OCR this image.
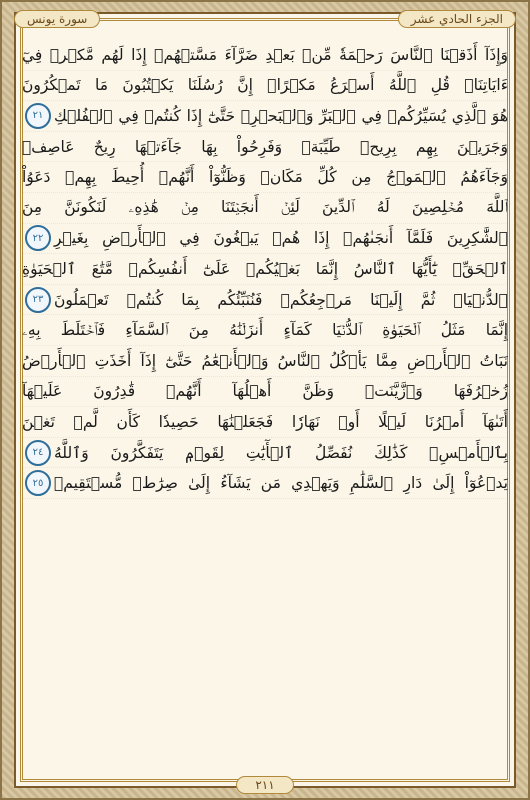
سورة يونس	الجزء الحادي عشر
وَإِذَآ أَذَقۡنَا ٱلنَّاسَ رَحۡمَةٗ مِّنۢ بَعۡدِ ضَرَّآءَ مَسَّتۡهُمۡ إِذَا لَهُم مَّكۡرٞ فِيٓ
ءَايَاتِنَاۚ قُلِ ٱللَّهُ أَسۡرَعُ مَكۡرًاۚ إِنَّ رُسُلَنَا يَكۡتُبُونَ مَا تَمۡكُرُونَ
هُوَ ٱلَّذِي يُسَيِّرُكُمۡ فِي ٱلۡبَرِّ وَٱلۡبَحۡرِۖ حَتَّىٰٓ إِذَا كُنتُمۡ فِي ٱلۡفُلۡكِ
٢١
وَجَرَيۡنَ بِهِم بِرِيحٖ طَيِّبَةٖ وَفَرِحُواْ بِهَا جَآءَتۡهَا رِيحٌ عَاصِفٞ
وَجَآءَهُمُ ٱلۡمَوۡجُ مِن كُلِّ مَكَانٖ وَظَنُّوٓاْ أَنَّهُمۡ أُحِيطَ بِهِمۡ دَعَوُاْ
ٱللَّهَ مُخۡلِصِينَ لَهُ ٱلدِّينَ لَئِنۡ أَنجَيۡتَنَا مِنۡ هَٰذِهِۦ لَنَكُونَنَّ مِنَ
ٱلشَّٰكِرِينَ فَلَمَّآ أَنجَىٰهُمۡ إِذَا هُمۡ يَبۡغُونَ فِي ٱلۡأَرۡضِ بِغَيۡرِ
٢٢
ٱلۡحَقِّۗ يَٰٓأَيُّهَا ٱلنَّاسُ إِنَّمَا بَغۡيُكُمۡ عَلَىٰٓ أَنفُسِكُمۖ مَّتَٰعَ ٱلۡحَيَوٰةِ
ٱلدُّنۡيَاۖ ثُمَّ إِلَيۡنَا مَرۡجِعُكُمۡ فَنُنَبِّئُكُم بِمَا كُنتُمۡ تَعۡمَلُونَ
٢٣
إِنَّمَا مَثَلُ ٱلۡحَيَوٰةِ ٱلدُّنۡيَا كَمَآءٍ أَنزَلۡنَٰهُ مِنَ ٱلسَّمَآءِ فَٱخۡتَلَطَ بِهِۦ
نَبَاتُ ٱلۡأَرۡضِ مِمَّا يَأۡكُلُ ٱلنَّاسُ وَٱلۡأَنۡعَٰمُ حَتَّىٰٓ إِذَآ أَخَذَتِ ٱلۡأَرۡضُ
زُخۡرُفَهَا وَٱزَّيَّنَتۡ وَظَنَّ أَهۡلُهَآ أَنَّهُمۡ قَٰدِرُونَ عَلَيۡهَآ
أَتَىٰهَآ أَمۡرُنَا لَيۡلًا أَوۡ نَهَارٗا فَجَعَلۡنَٰهَا حَصِيدٗا كَأَن لَّمۡ تَغۡنَ
بِٱلۡأَمۡسِۚ كَذَٰلِكَ نُفَصِّلُ ٱلۡأٓيَٰتِ لِقَوۡمٖ يَتَفَكَّرُونَ وَٱللَّهُ
٢٤
يَدۡعُوٓاْ إِلَىٰ دَارِ ٱلسَّلَٰمِ وَيَهۡدِي مَن يَشَآءُ إِلَىٰ صِرَٰطٖ مُّسۡتَقِيمٖ
٢٥
٢١١
